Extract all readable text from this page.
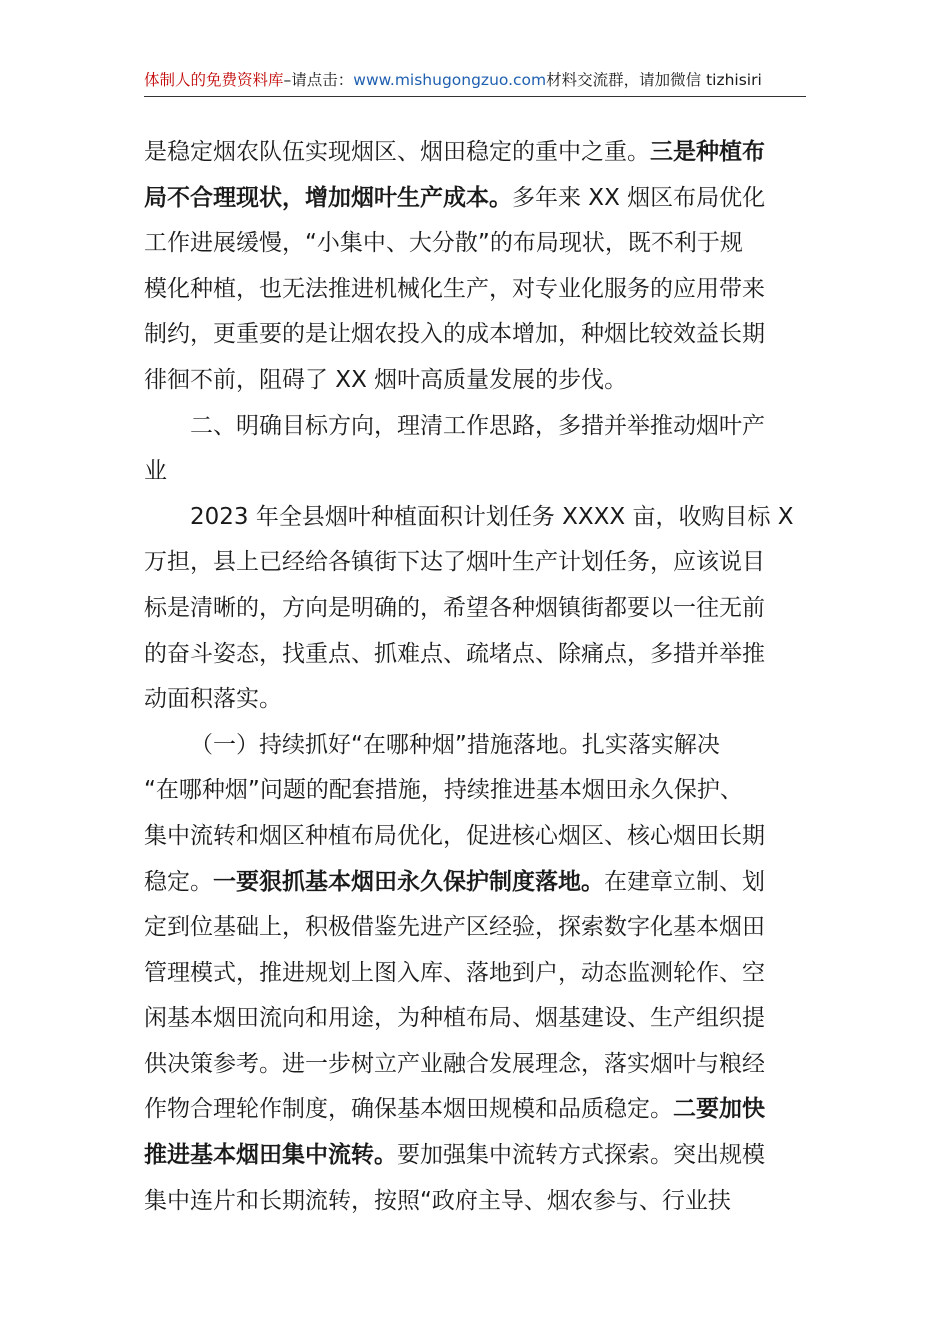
体制人的免费资料库–请点击：www.mishugongzuo.com材料交流群，请加微信 tizhisiri
是稳定烟农队伍实现烟区、烟田稳定的重中之重。三是种植布
局不合理现状，增加烟叶生产成本。多年来 XX 烟区布局优化
工作进展缓慢，“小集中、大分散”的布局现状，既不利于规
模化种植，也无法推进机械化生产，对专业化服务的应用带来
制约，更重要的是让烟农投入的成本增加，种烟比较效益长期
徘徊不前，阻碍了 XX 烟叶高质量发展的步伐。
二、明确目标方向，理清工作思路，多措并举推动烟叶产
业
2023 年全县烟叶种植面积计划任务 XXXX 亩，收购目标 X
万担，县上已经给各镇街下达了烟叶生产计划任务，应该说目
标是清晰的，方向是明确的，希望各种烟镇街都要以一往无前
的奋斗姿态，找重点、抓难点、疏堵点、除痛点，多措并举推
动面积落实。
（一）持续抓好“在哪种烟”措施落地。扎实落实解决
“在哪种烟”问题的配套措施，持续推进基本烟田永久保护、
集中流转和烟区种植布局优化，促进核心烟区、核心烟田长期
稳定。一要狠抓基本烟田永久保护制度落地。在建章立制、划
定到位基础上，积极借鉴先进产区经验，探索数字化基本烟田
管理模式，推进规划上图入库、落地到户，动态监测轮作、空
闲基本烟田流向和用途，为种植布局、烟基建设、生产组织提
供决策参考。进一步树立产业融合发展理念，落实烟叶与粮经
作物合理轮作制度，确保基本烟田规模和品质稳定。二要加快
推进基本烟田集中流转。要加强集中流转方式探索。突出规模
集中连片和长期流转，按照“政府主导、烟农参与、行业扶
